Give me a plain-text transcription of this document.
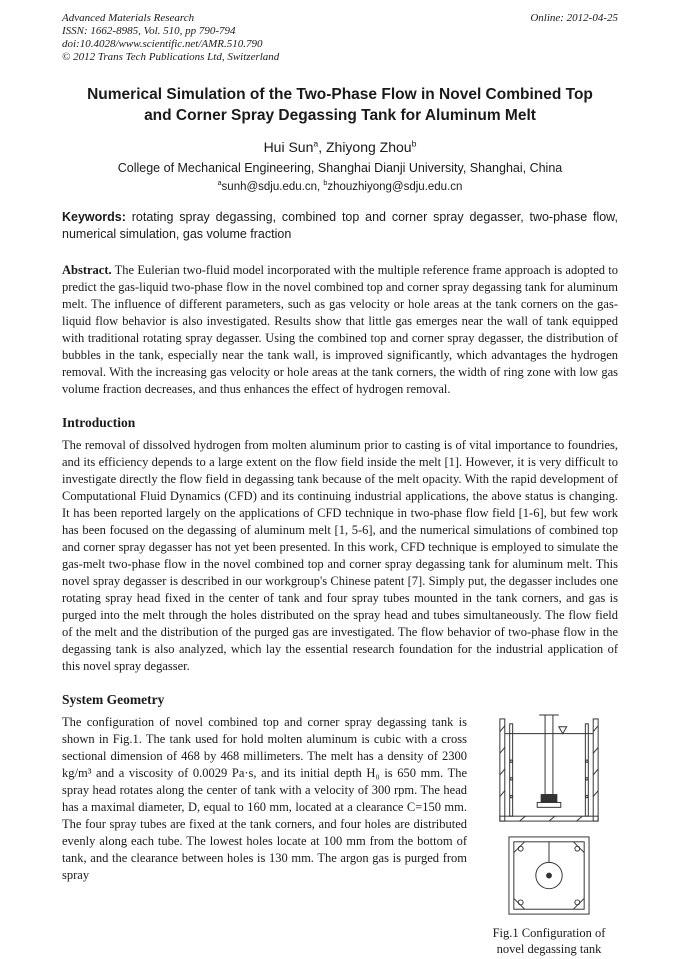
Advanced Materials Research
ISSN: 1662-8985, Vol. 510, pp 790-794
doi:10.4028/www.scientific.net/AMR.510.790
© 2012 Trans Tech Publications Ltd, Switzerland
Online: 2012-04-25
Numerical Simulation of the Two-Phase Flow in Novel Combined Top and Corner Spray Degassing Tank for Aluminum Melt
Hui Sun$^a$, Zhiyong Zhou$^b$
College of Mechanical Engineering, Shanghai Dianji University, Shanghai, China
$^a$sunh@sdju.edu.cn, $^b$zhouzhiyong@sdju.edu.cn

Keywords: rotating spray degassing, combined top and corner spray degasser, two-phase flow, numerical simulation, gas volume fraction

Abstract. The Eulerian two-fluid model incorporated with the multiple reference frame approach is adopted to predict the gas-liquid two-phase flow in the novel combined top and corner spray degassing tank for aluminum melt. The influence of different parameters, such as gas velocity or hole areas at the tank corners on the gas-liquid flow behavior is also investigated. Results show that little gas emerges near the wall of tank equipped with traditional rotating spray degasser. Using the combined top and corner spray degasser, the distribution of bubbles in the tank, especially near the tank wall, is improved significantly, which advantages the hydrogen removal. With the increasing gas velocity or hole areas at the tank corners, the width of ring zone with low gas volume fraction decreases, and thus enhances the effect of hydrogen removal.

Introduction

The removal of dissolved hydrogen from molten aluminum prior to casting is of vital importance to foundries, and its efficiency depends to a large extent on the flow field inside the melt [1]. However, it is very difficult to investigate directly the flow field in degassing tank because of the melt opacity. With the rapid development of Computational Fluid Dynamics (CFD) and its continuing industrial applications, the above status is changing. It has been reported largely on the applications of CFD technique in two-phase flow field [1-6], but few work has been focused on the degassing of aluminum melt [1, 5-6], and the numerical simulations of combined top and corner spray degasser has not yet been presented. In this work, CFD technique is employed to simulate the gas-melt two-phase flow in the novel combined top and corner spray degassing tank for aluminum melt. This novel spray degasser is described in our workgroup's Chinese patent [7]. Simply put, the degasser includes one rotating spray head fixed in the center of tank and four spray tubes mounted in the tank corners, and gas is purged into the melt through the holes distributed on the spray head and tubes simultaneously. The flow field of the melt and the distribution of the purged gas are investigated. The flow behavior of two-phase flow in the degassing tank is also analyzed, which lay the essential research foundation for the industrial application of this novel spray degasser.

System Geometry
Fig.1 Configuration of
novel degassing tank
The configuration of novel combined top and corner spray degassing tank is shown in Fig.1. The tank used for hold molten aluminum is cubic with a cross sectional dimension of 468 by 468 millimeters. The melt has a density of 2300 kg/m³ and a viscosity of 0.0029 Pa·s, and its initial depth H₀ is 650 mm. The spray head rotates along the center of tank with a velocity of 300 rpm. The head has a maximal diameter, D, equal to 160 mm, located at a clearance C=150 mm. The four spray tubes are fixed at the tank corners, and four holes are distributed evenly along each tube. The lowest holes locate at 100 mm from the bottom of tank, and the clearance between holes is 130 mm. The argon gas is purged from spray
